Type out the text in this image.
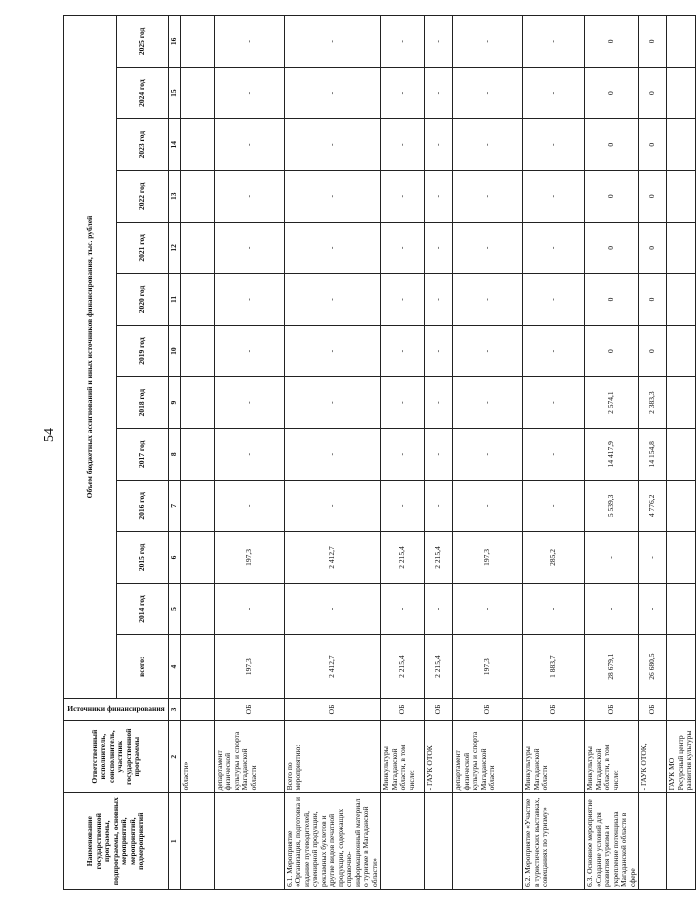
54
Наименование государственной программы, подпрограммы, основных мероприятий, мероприятий, подмероприятий	Ответственный исполнитель, соисполнитель, участник государственной программы	Источники финансирования	Объем бюджетных ассигнований и иных источников финансирования, тыс. рублей												
			всего:	2014 год	2015 год	2016 год	2017 год	2018 год	2019 год	2020 год	2021 год	2022 год	2023 год	2024 год	2025 год
1	2	3	4	5	6	7	8	9	10	11	12	13	14	15	16
	области»														
	департамент физической культуры и спорта Магаданской области	ОБ	197,3	-	197,3	-	-	-	-	-	-	-	-	-	-
6.1. Мероприятие «Организация, подготовка и издание путеводителей, сувенирной продукции, рекламных буклетов и другие видов печатной продукции, содержащих справочно-информационный материал о туризме в Магаданской области»	Всего по мероприятию:	ОБ	2 412,7	-	2 412,7	-	-	-	-	-	-	-	-	-	-
	Минкультуры Магаданской области, в том числе:	ОБ	2 215,4	-	2 215,4	-	-	-	-	-	-	-	-	-	-
	- ГАУК ОТОК	ОБ	2 215,4	-	2 215,4	-	-	-	-	-	-	-	-	-	-
	департамент физической культуры и спорта Магаданской области	ОБ	197,3	-	197,3	-	-	-	-	-	-	-	-	-	-
6.2. Мероприятие «Участие в туристических выставках, совещаниях по туризму»	Минкультуры Магаданской области	ОБ	1 883,7	-	285,2	-	-	-	-	-	-	-	-	-	-
6.3. Основное мероприятие «Создание условий для развития туризма и укрепление потенциала Магаданской области в сфере	Минкультуры Магаданской области, в том числе:	ОБ	28 679,1	-	-	5 539,3	14 417,9	2 574,1	0	0	0	0	0	0	0
	- ГАУК ОТОК,	ОБ	26 680,5	-	-	4 776,2	14 154,8	2 383,3	0	0	0	0	0	0	0
	ГАУК МО Ресурсный центр развития культуры														
